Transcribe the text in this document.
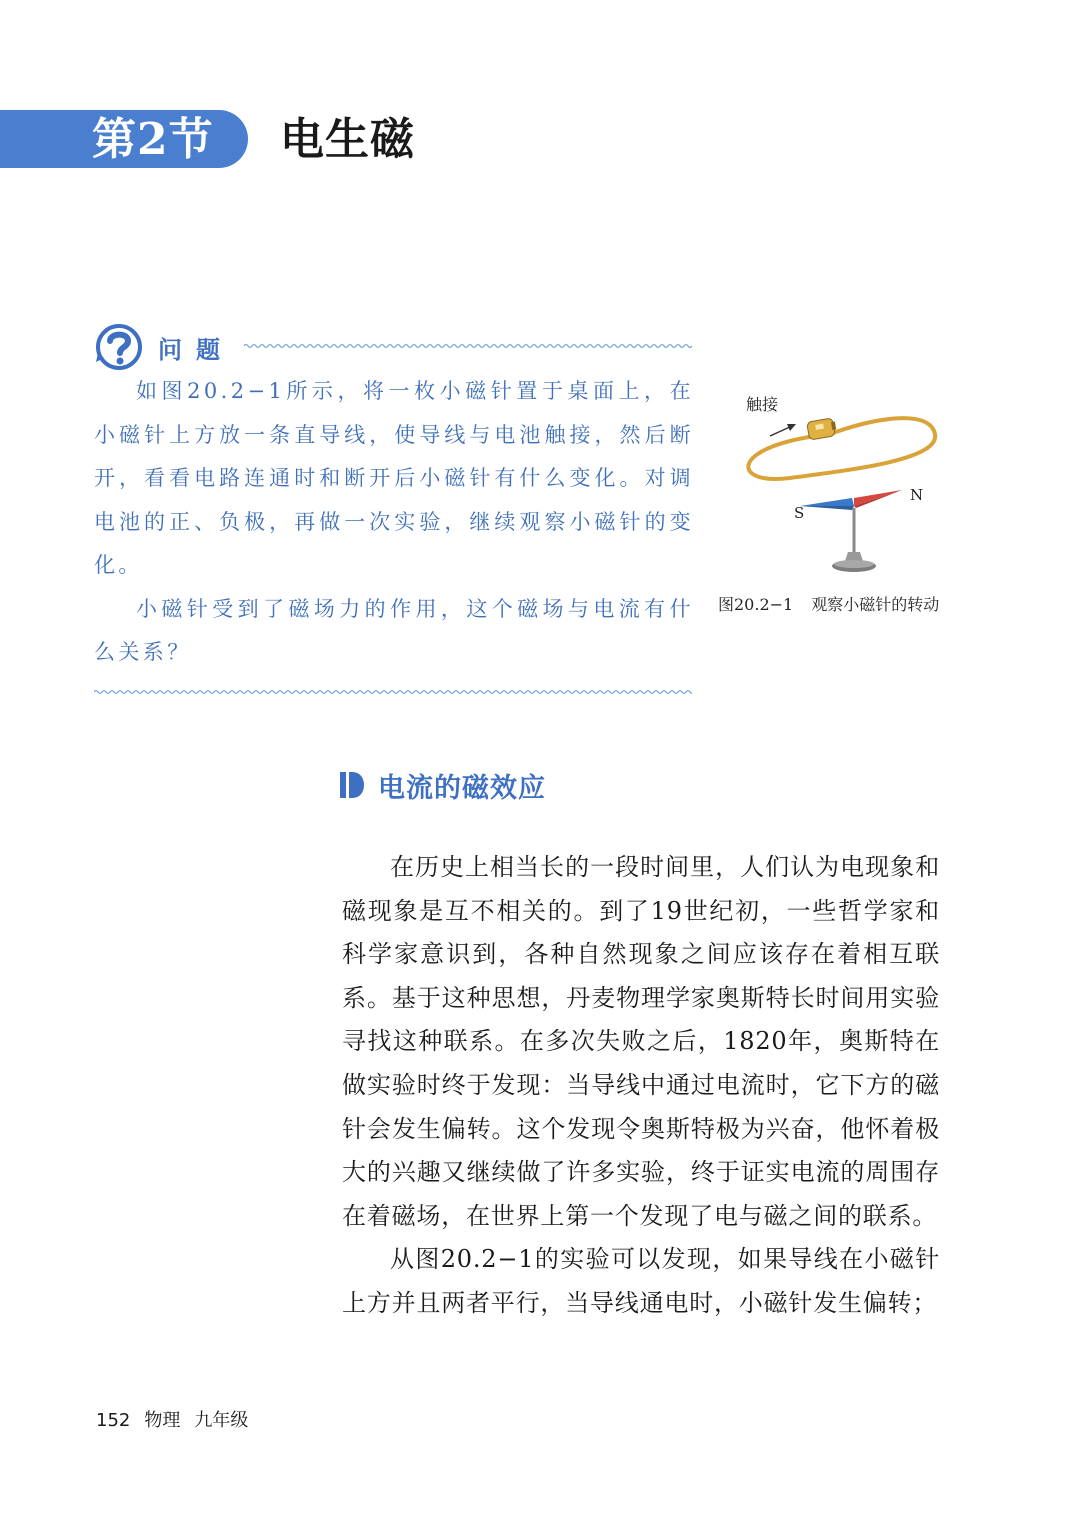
第2节 电生磁
问题

如图20.2−1所示，将一枚小磁针置于桌面上，在小磁针上方放一条直导线，使导线与电池触接，然后断开，看看电路连通时和断开后小磁针有什么变化。对调电池的正、负极，再做一次实验，继续观察小磁针的变化。

小磁针受到了磁场力的作用，这个磁场与电流有什么关系？

触接
S
N
图20.2−1 观察小磁针的转动
电流的磁效应

在历史上相当长的一段时间里，人们认为电现象和磁现象是互不相关的。到了19世纪初，一些哲学家和科学家意识到，各种自然现象之间应该存在着相互联系。基于这种思想，丹麦物理学家奥斯特长时间用实验寻找这种联系。在多次失败之后，1820年，奥斯特在做实验时终于发现：当导线中通过电流时，它下方的磁针会发生偏转。这个发现令奥斯特极为兴奋，他怀着极大的兴趣又继续做了许多实验，终于证实电流的周围存在着磁场，在世界上第一个发现了电与磁之间的联系。

从图20.2−1的实验可以发现，如果导线在小磁针上方并且两者平行，当导线通电时，小磁针发生偏转；

152 物理 九年级
